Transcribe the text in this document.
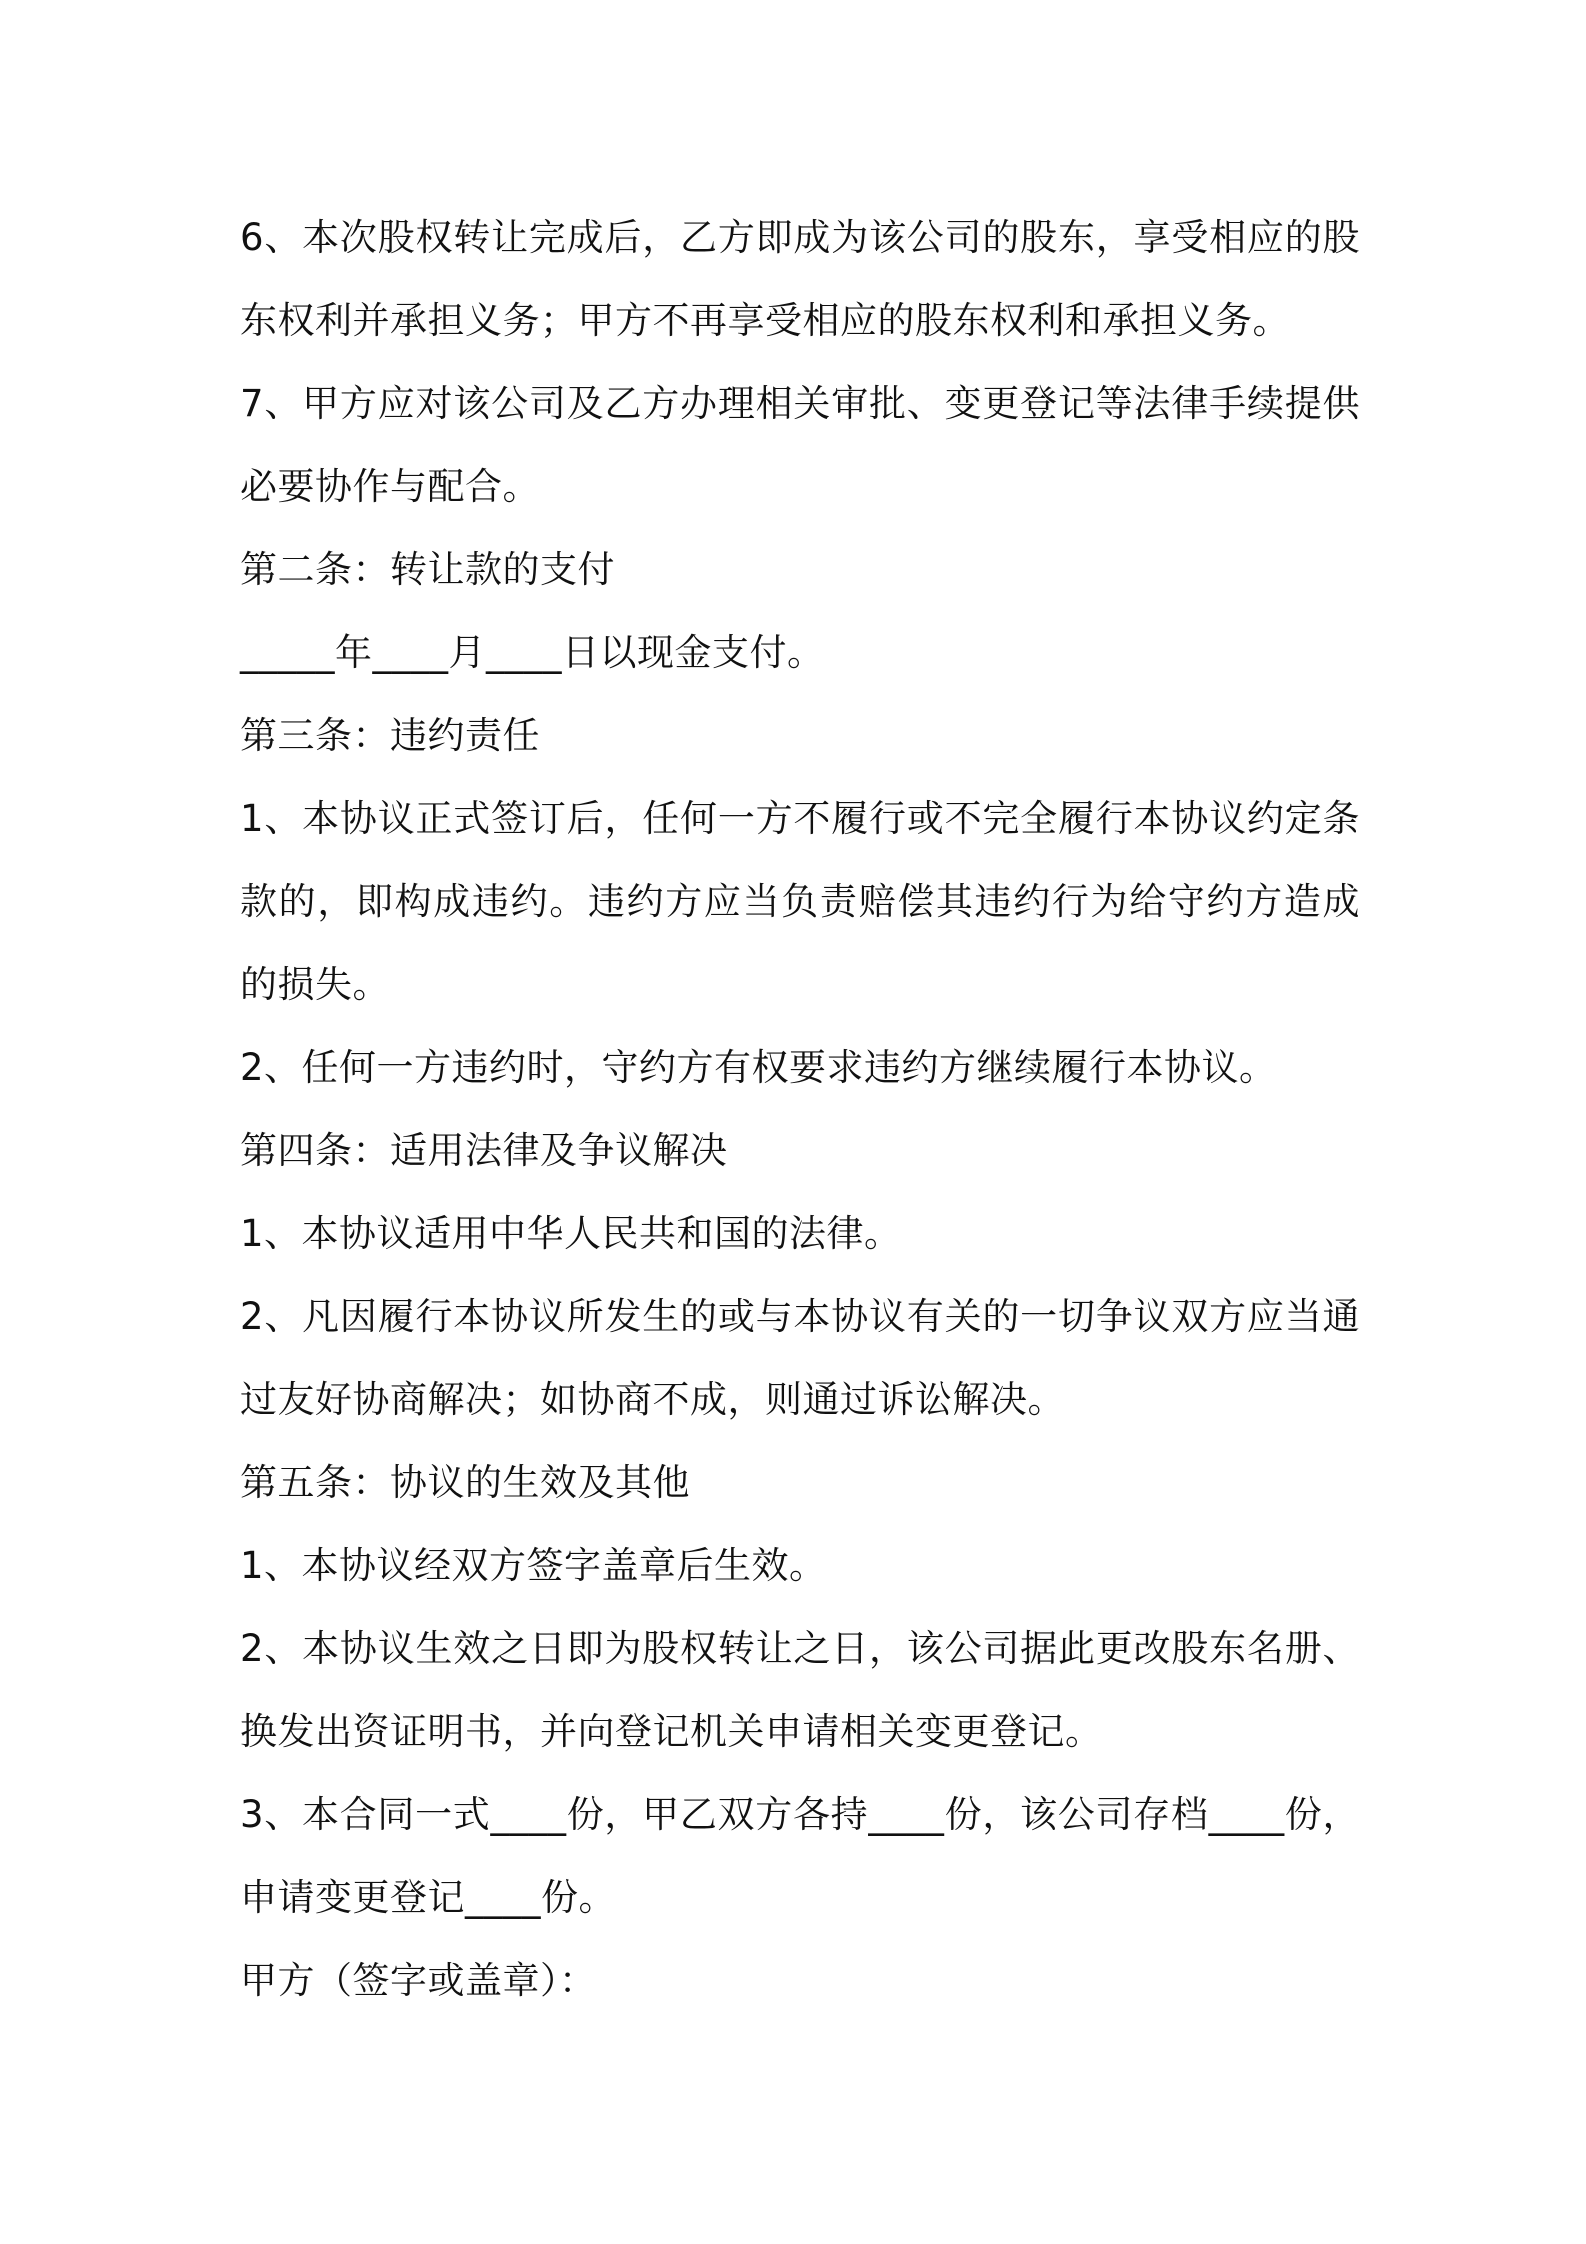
6、本次股权转让完成后，乙方即成为该公司的股东，享受相应的股东权利并承担义务；甲方不再享受相应的股东权利和承担义务。

7、甲方应对该公司及乙方办理相关审批、变更登记等法律手续提供必要协作与配合。

第二条：转让款的支付

_____年____月____日以现金支付。

第三条：违约责任

1、本协议正式签订后，任何一方不履行或不完全履行本协议约定条款的，即构成违约。违约方应当负责赔偿其违约行为给守约方造成的损失。

2、任何一方违约时，守约方有权要求违约方继续履行本协议。

第四条：适用法律及争议解决

1、本协议适用中华人民共和国的法律。

2、凡因履行本协议所发生的或与本协议有关的一切争议双方应当通过友好协商解决；如协商不成，则通过诉讼解决。

第五条：协议的生效及其他

1、本协议经双方签字盖章后生效。

2、本协议生效之日即为股权转让之日，该公司据此更改股东名册、换发出资证明书，并向登记机关申请相关变更登记。

3、本合同一式____份，甲乙双方各持____份，该公司存档____份，申请变更登记____份。

甲方（签字或盖章）：
